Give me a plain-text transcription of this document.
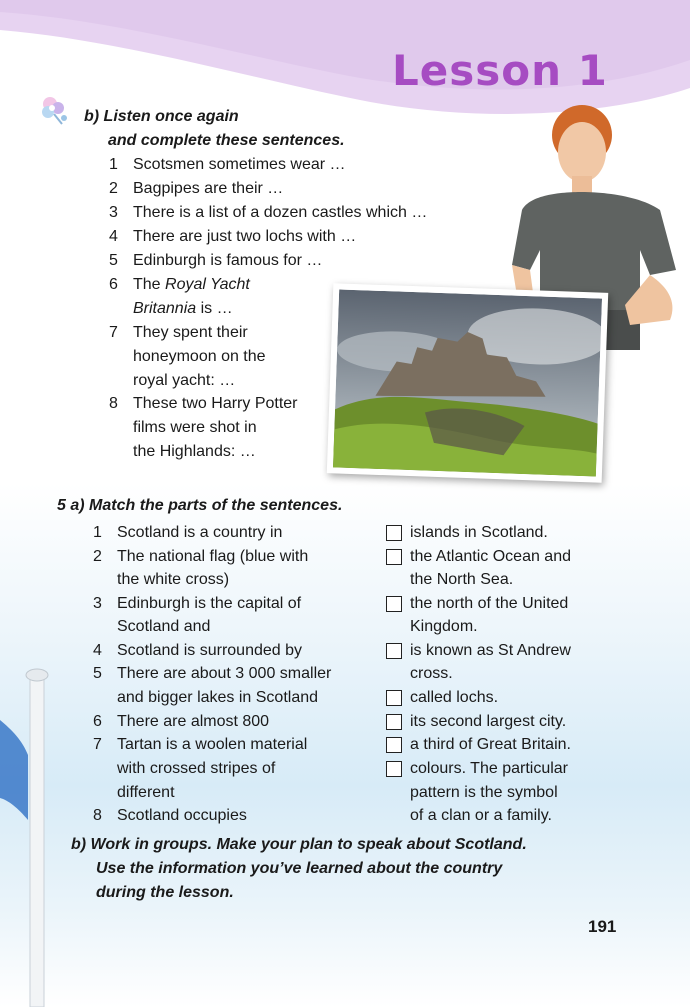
Lesson 1
b) Listen once again
and complete these sentences.
1 Scotsmen sometimes wear …
2 Bagpipes are their …
3 There is a list of a dozen castles which …
4 There are just two lochs with …
5 Edinburgh is famous for …
6 The Royal Yacht
Britannia is …
7 They spent their
honeymoon on the
royal yacht: …
8 These two Harry Potter
films were shot in
the Highlands: …
5 a) Match the parts of the sentences.
1 Scotland is a country in
2 The national flag (blue with
the white cross)
3 Edinburgh is the capital of
Scotland and
4 Scotland is surrounded by
5 There are about 3 000 smaller
and bigger lakes in Scotland
6 There are almost 800
7 Tartan is a woolen material
with crossed stripes of
different
8 Scotland occupies
islands in Scotland.
the Atlantic Ocean and
the North Sea.
the north of the United
Kingdom.
is known as St Andrew
cross.
called lochs.
its second largest city.
a third of Great Britain.
colours. The particular
pattern is the symbol
of a clan or a family.
b) Work in groups. Make your plan to speak about Scotland.
Use the information you’ve learned about the country
during the lesson.
191
